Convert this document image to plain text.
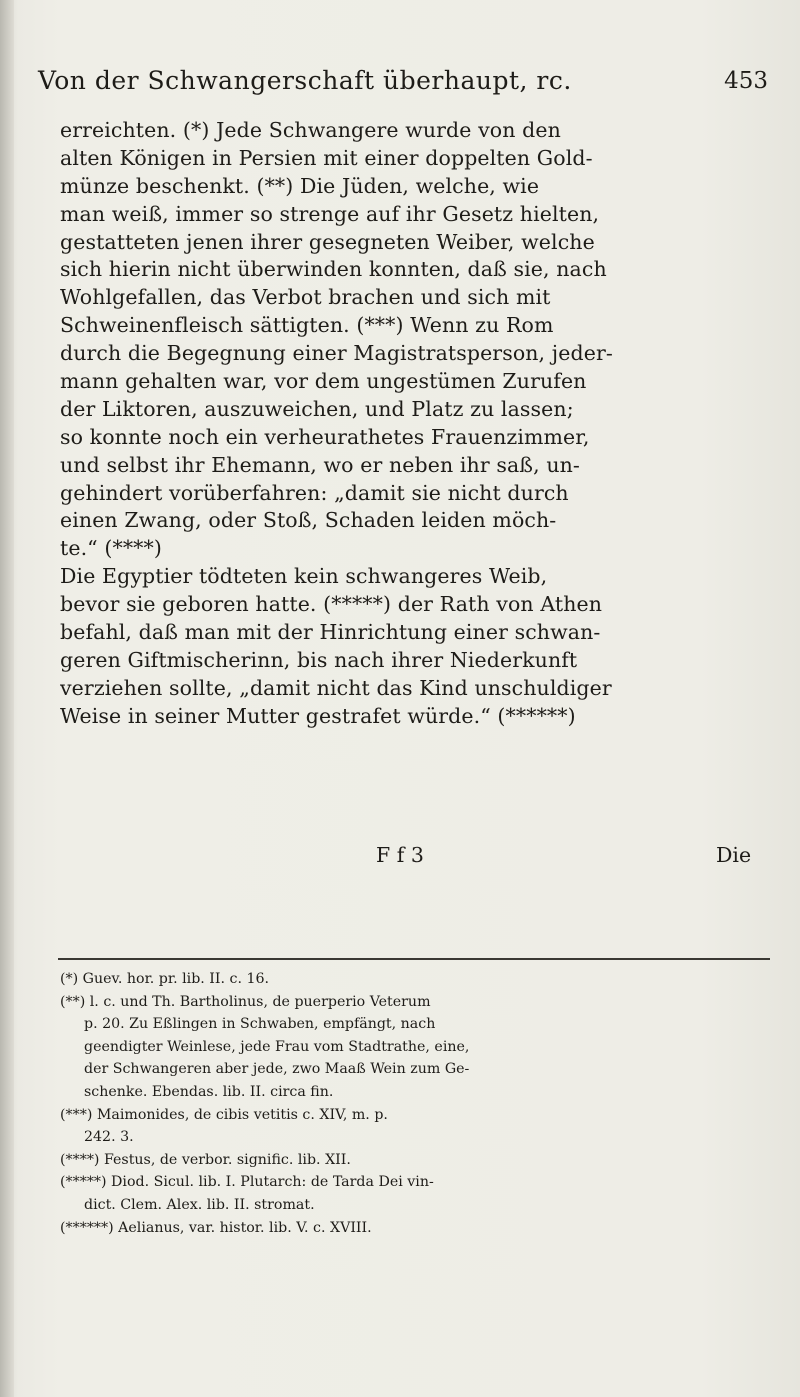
Von der Schwangerschaft überhaupt, rc.	453
erreichten. (*) Jede Schwangere wurde von den
alten Königen in Persien mit einer doppelten Gold-
münze beschenkt. (**) Die Jüden, welche, wie
man weiß, immer so strenge auf ihr Gesetz hielten,
gestatteten jenen ihrer gesegneten Weiber, welche
sich hierin nicht überwinden konnten, daß sie, nach
Wohlgefallen, das Verbot brachen und sich mit
Schweinenfleisch sättigten. (***) Wenn zu Rom
durch die Begegnung einer Magistratsperson, jeder-
mann gehalten war, vor dem ungestümen Zurufen
der Liktoren, auszuweichen, und Platz zu lassen;
so konnte noch ein verheurathetes Frauenzimmer,
und selbst ihr Ehemann, wo er neben ihr saß, un-
gehindert vorüberfahren: „damit sie nicht durch
einen Zwang, oder Stoß, Schaden leiden möch-
te.“ (****)
Die Egyptier tödteten kein schwangeres Weib,
bevor sie geboren hatte. (*****) der Rath von Athen
befahl, daß man mit der Hinrichtung einer schwan-
geren Giftmischerinn, bis nach ihrer Niederkunft
verziehen sollte, „damit nicht das Kind unschuldiger
Weise in seiner Mutter gestrafet würde.“ (******)
F f 3	Die
(*) Guev. hor. pr. lib. II. c. 16.
(**) l. c. und Th. Bartholinus, de puerperio Veterum
p. 20. Zu Eßlingen in Schwaben, empfängt, nach
geendigter Weinlese, jede Frau vom Stadtrathe, eine,
der Schwangeren aber jede, zwo Maaß Wein zum Ge-
schenke. Ebendas. lib. II. circa fin.
(***) Maimonides, de cibis vetitis c. XIV, m. p.
242. 3.
(****) Festus, de verbor. signific. lib. XII.
(*****) Diod. Sicul. lib. I. Plutarch: de Tarda Dei vin-
dict. Clem. Alex. lib. II. stromat.
(******) Aelianus, var. histor. lib. V. c. XVIII.
